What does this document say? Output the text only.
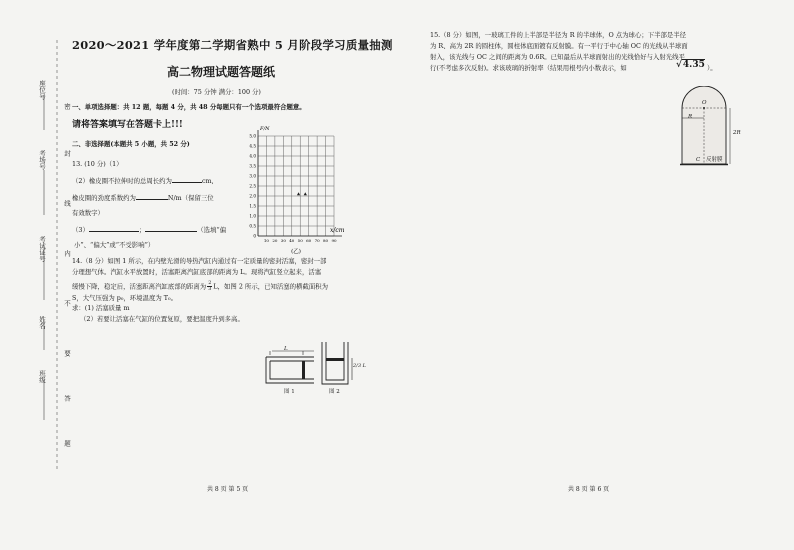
座位号
考场号
考试证号
姓名
班级
密
封
线
内
不
要
答
题
2020～2021 学年度第二学期省熟中 5 月阶段学习质量抽测
高二物理试题答题纸
(时间：75 分钟 满分：100 分)
一、单项选择题：共 12 题，每题 4 分，共 48 分每题只有一个选项最符合题意。
请将答案填写在答题卡上!!!
二、非选择题(本题共 5 小题，共 52 分)
13. (10 分)（1）
（2）橡皮圈不拉伸时的总周长约为	cm,
橡皮圈的劲度系数约为	N/m（保留三位
有效数字）
（3）	；	（选填“偏
小”、“偏大”或“不受影响”）
5.0
4.5
4.0
3.5
3.0
2.5
2.0
1.5
1.0
0.5
0
10 20 30 40 50 60 70 80 90
F/N
x/cm
(乙)
14.（8 分）如图 1 所示，在内壁光滑的导热汽缸内通过有一定质量的密封活塞，密封一部
分理想气体。汽缸水平放置时，活塞距离汽缸底部的距离为 L。现将汽缸竖立起来，活塞
缓慢下降，稳定后，活塞距离汽缸底部的距离为$\frac{2}{3}L$，如图 2 所示，已知活塞的横截面积为
S，大气压强为 p₀，环境温度为 T₀。
求：(1) 活塞质量 m
（2）若要让活塞在气缸的位置复原，要把温度升到多高。
L
图 1
2/3 L
图 2
共 8 页 第 5 页
15.（8 分）如图，一玻璃工件的上半部是半径为 R 的半球体，O 点为球心；下半部是半径
为 R、高为 2R 的圆柱体，圆柱体底面镀有反射膜。有一平行于中心轴 OC 的光线从半球面
射入，该光线与 OC 之间的距离为 0.6R。已知最后从半球面射出的光线恰好与入射光线平
行(不考虑多次反射)。求该玻璃的折射率（结果用根号内小数表示，如	√4.35 ）。
O
R
2R
C 反射膜
共 8 页 第 6 页
